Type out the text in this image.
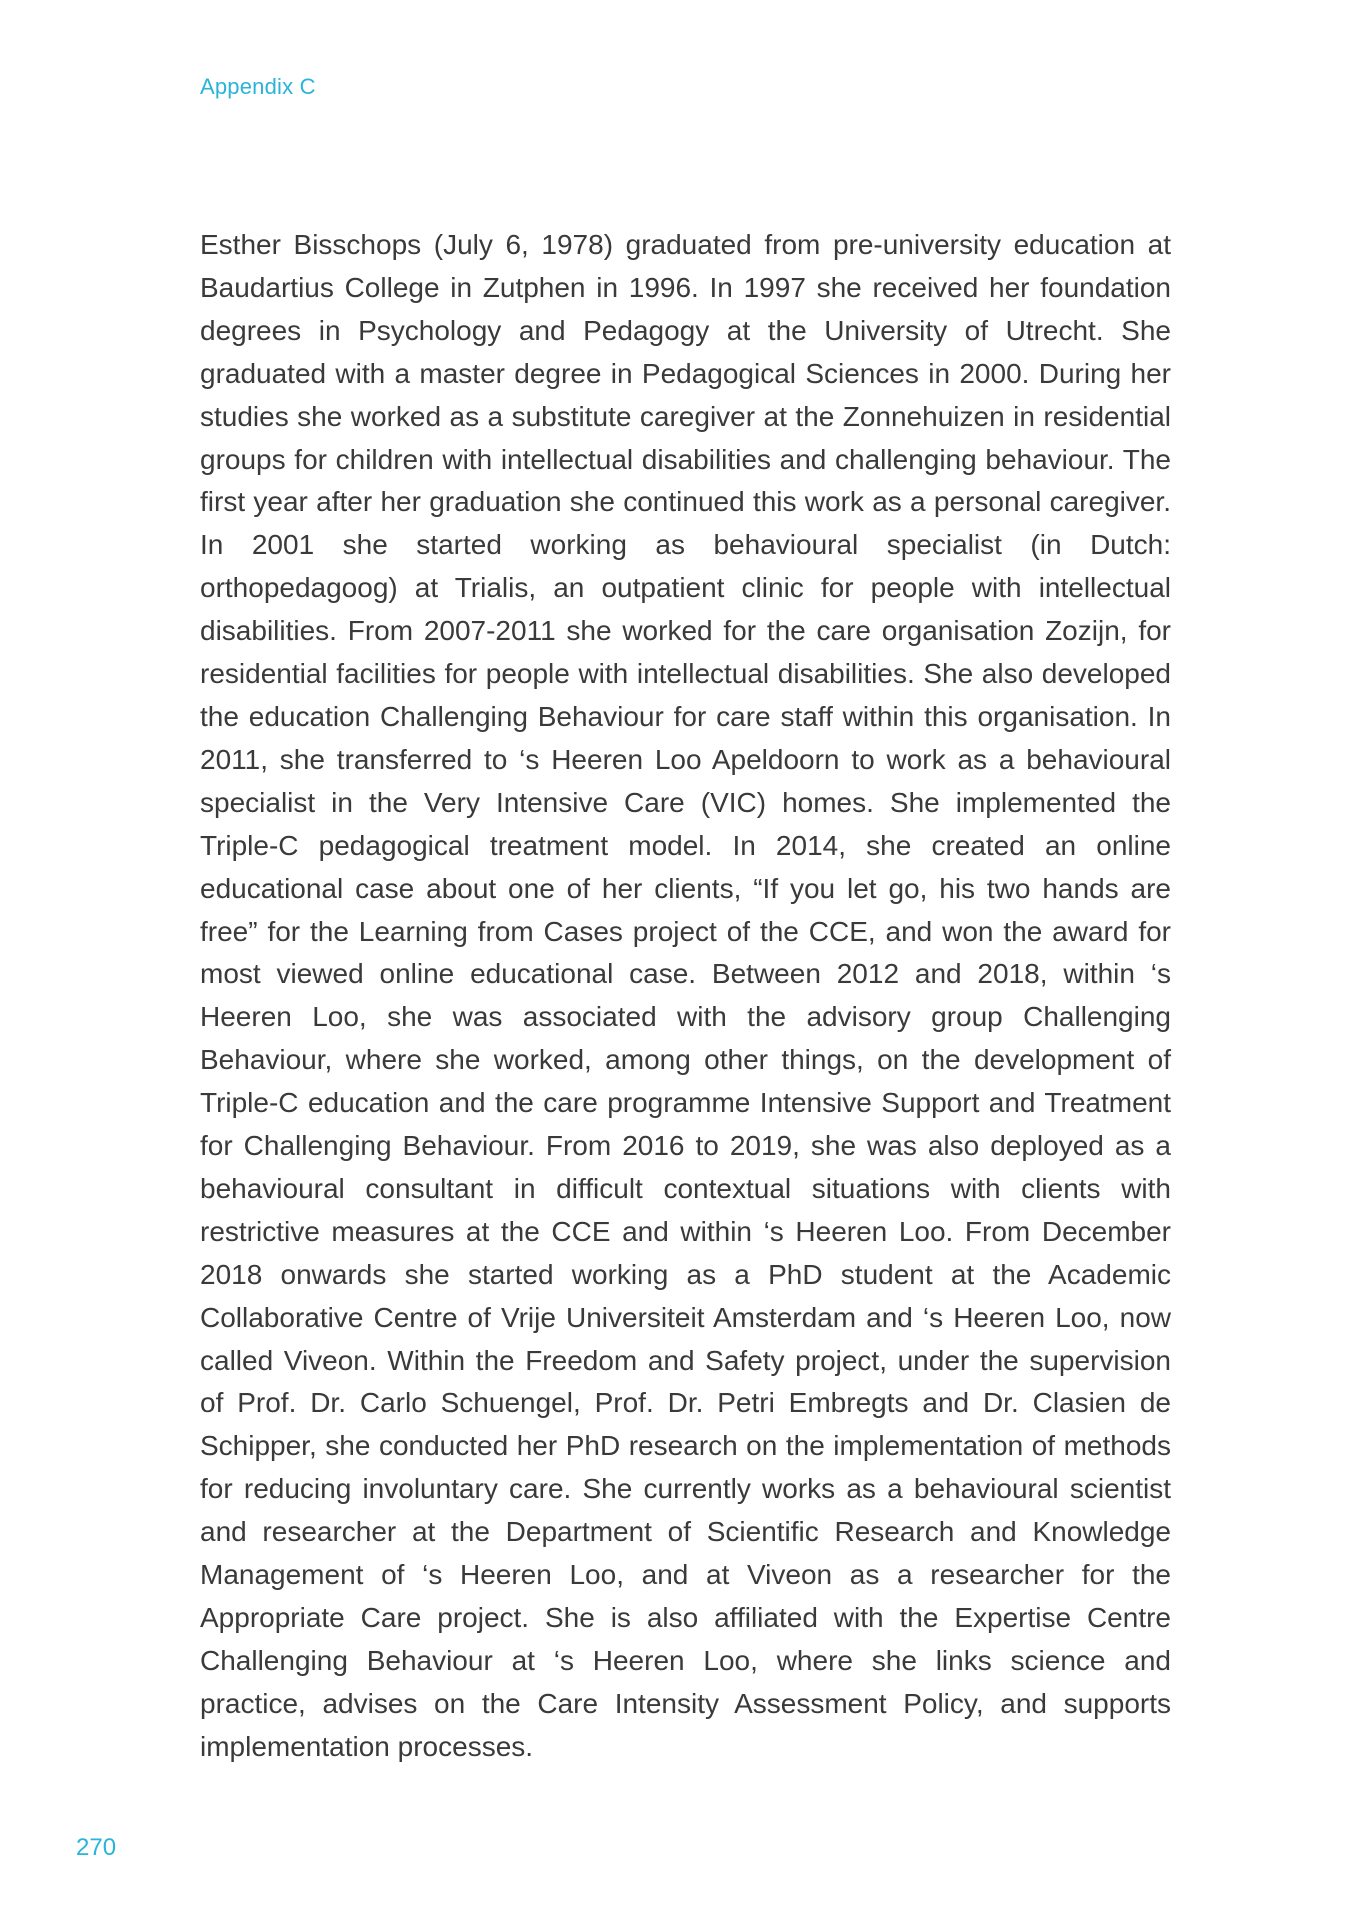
Appendix C

Esther Bisschops (July 6, 1978) graduated from pre-university education at Baudartius College in Zutphen in 1996. In 1997 she received her foundation degrees in Psychology and Pedagogy at the University of Utrecht. She graduated with a master degree in Pedagogical Sciences in 2000. During her studies she worked as a substitute caregiver at the Zonnehuizen in residential groups for children with intellectual disabilities and challenging behaviour. The first year after her graduation she continued this work as a personal caregiver. In 2001 she started working as behavioural specialist (in Dutch: orthopedagoog) at Trialis, an outpatient clinic for people with intellectual disabilities. From 2007-2011 she worked for the care organisation Zozijn, for residential facilities for people with intellectual disabilities. She also developed the education Challenging Behaviour for care staff within this organisation. In 2011, she transferred to ‘s Heeren Loo Apeldoorn to work as a behavioural specialist in the Very Intensive Care (VIC) homes. She implemented the Triple-C pedagogical treatment model. In 2014, she created an online educational case about one of her clients, “If you let go, his two hands are free” for the Learning from Cases project of the CCE, and won the award for most viewed online educational case. Between 2012 and 2018, within ‘s Heeren Loo, she was associated with the advisory group Challenging Behaviour, where she worked, among other things, on the development of Triple-C education and the care programme Intensive Support and Treatment for Challenging Behaviour. From 2016 to 2019, she was also deployed as a behavioural consultant in difficult contextual situations with clients with restrictive measures at the CCE and within ‘s Heeren Loo. From December 2018 onwards she started working as a PhD student at the Academic Collaborative Centre of Vrije Universiteit Amsterdam and ‘s Heeren Loo, now called Viveon. Within the Freedom and Safety project, under the supervision of Prof. Dr. Carlo Schuengel, Prof. Dr. Petri Embregts and Dr. Clasien de Schipper, she conducted her PhD research on the implementation of methods for reducing involuntary care. She currently works as a behavioural scientist and researcher at the Department of Scientific Research and Knowledge Management of ‘s Heeren Loo, and at Viveon as a researcher for the Appropriate Care project. She is also affiliated with the Expertise Centre Challenging Behaviour at ‘s Heeren Loo, where she links science and practice, advises on the Care Intensity Assessment Policy, and supports implementation processes.

270
